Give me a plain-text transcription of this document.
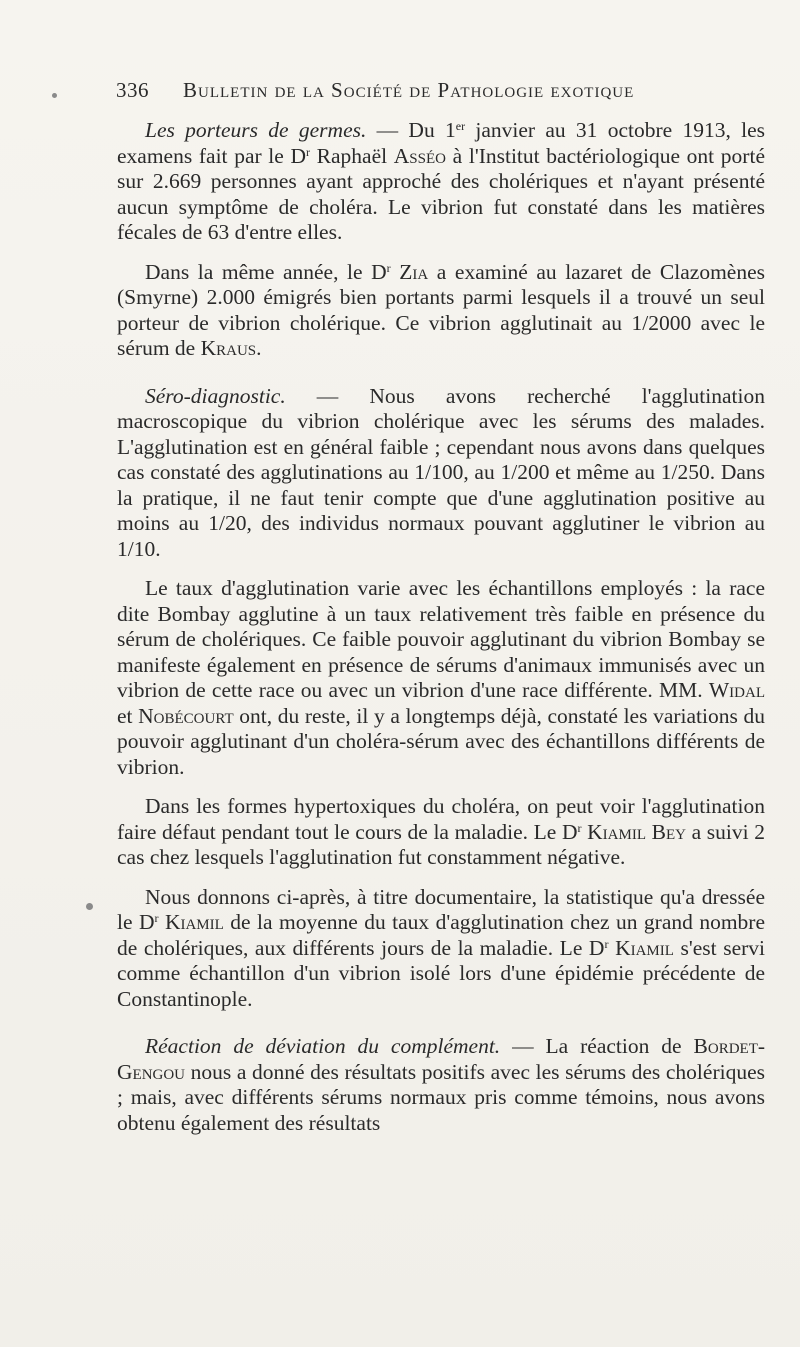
336 Bulletin de la Société de Pathologie exotique

Les porteurs de germes. — Du 1er janvier au 31 octobre 1913, les examens fait par le $D^r$ Raphaël Asséo à l'Institut bactériologique ont porté sur 2.669 personnes ayant approché des cholériques et n'ayant présenté aucun symptôme de choléra. Le vibrion fut constaté dans les matières fécales de 63 d'entre elles.

Dans la même année, le $D^r$ Zia a examiné au lazaret de Clazomènes (Smyrne) 2.000 émigrés bien portants parmi lesquels il a trouvé un seul porteur de vibrion cholérique. Ce vibrion agglutinait au 1/2000 avec le sérum de Kraus.

Séro-diagnostic. — Nous avons recherché l'agglutination macroscopique du vibrion cholérique avec les sérums des malades. L'agglutination est en général faible ; cependant nous avons dans quelques cas constaté des agglutinations au 1/100, au 1/200 et même au 1/250. Dans la pratique, il ne faut tenir compte que d'une agglutination positive au moins au 1/20, des individus normaux pouvant agglutiner le vibrion au 1/10.

Le taux d'agglutination varie avec les échantillons employés : la race dite Bombay agglutine à un taux relativement très faible en présence du sérum de cholériques. Ce faible pouvoir agglutinant du vibrion Bombay se manifeste également en présence de sérums d'animaux immunisés avec un vibrion de cette race ou avec un vibrion d'une race différente. MM. Widal et Nobécourt ont, du reste, il y a longtemps déjà, constaté les variations du pouvoir agglutinant d'un choléra-sérum avec des échantillons différents de vibrion.

Dans les formes hypertoxiques du choléra, on peut voir l'agglutination faire défaut pendant tout le cours de la maladie. Le $D^r$ Kiamil Bey a suivi 2 cas chez lesquels l'agglutination fut constamment négative.

Nous donnons ci-après, à titre documentaire, la statistique qu'a dressée le $D^r$ Kiamil de la moyenne du taux d'agglutination chez un grand nombre de cholériques, aux différents jours de la maladie. Le $D^r$ Kiamil s'est servi comme échantillon d'un vibrion isolé lors d'une épidémie précédente de Constantinople.

Réaction de déviation du complément. — La réaction de Bordet-Gengou nous a donné des résultats positifs avec les sérums des cholériques ; mais, avec différents sérums normaux pris comme témoins, nous avons obtenu également des résultats
